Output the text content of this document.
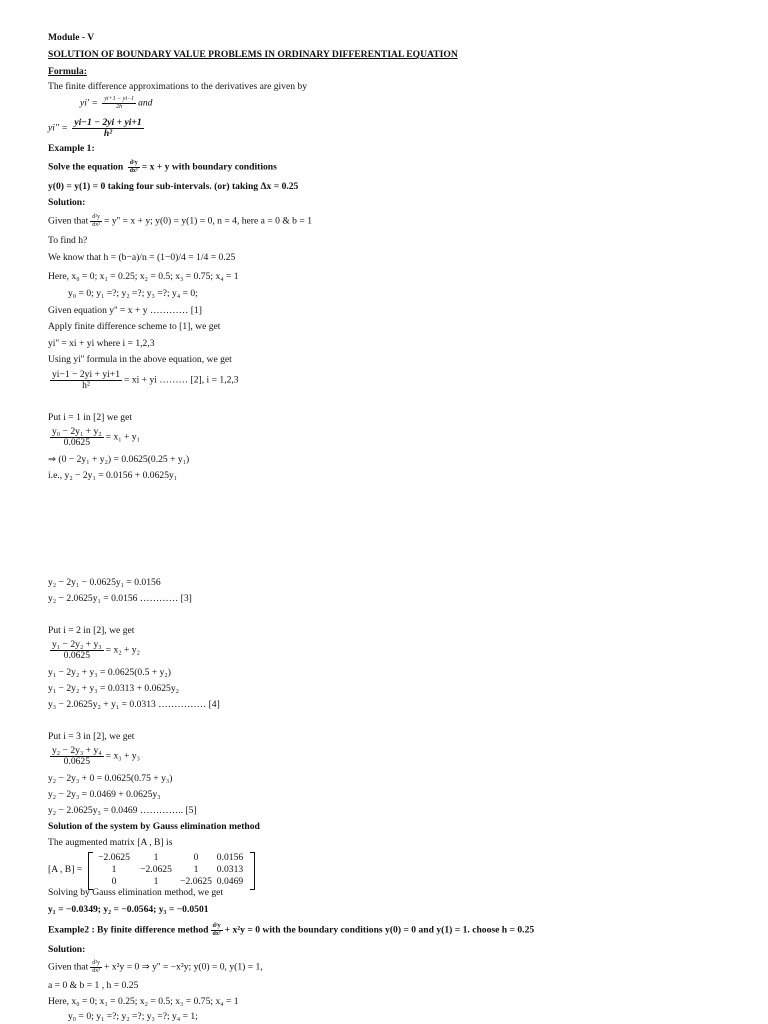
Module - V
SOLUTION OF BOUNDARY VALUE PROBLEMS IN ORDINARY DIFFERENTIAL EQUATION
Formula:
The finite difference approximations to the derivatives are given by
$yi' = \frac{yi+1 - yi-1}{2h}$ and
$yi'' = \frac{yi-1 - 2yi + yi+1}{\text{h²}}$
Example 1:
Solve the equation $\frac{\text{d²y}}{\text{dx²}} = x + y$ with boundary conditions
y(0) = y(1) = 0 taking four sub-intervals. (or) taking Δx = 0.25
Solution:
Given that $\frac{\text{d²y}}{\text{dx²}} = y'' = x + y$; y(0) = y(1) = 0, n = 4, here a = 0 & b = 1
To find h?
We know that h = (b−a)/n = (1−0)/4 = 1/4 = 0.25
Here, x₀ = 0; x₁ = 0.25; x₂ = 0.5; x₃ = 0.75; x₄ = 1
y₀ = 0; y₁ =?; y₂ =?; y₃ =?; y₄ = 0;
Given equation y'' = x + y ………… [1]
Apply finite difference scheme to [1], we get
yi'' = xi + yi where i = 1,2,3
Using yi'' formula in the above equation, we get
$\frac{yi-1 - 2yi + yi+1}{\text{h²}}$ = xi + yi ……… [2], i = 1,2,3
Put i = 1 in [2] we get
$\frac{\text{y₀ − 2y₁ + y₂}}{0.0625} = x_1 + y_1$
⇒ (0 − 2y₁ + y₂) = 0.0625(0.25 + y₁)
i.e., y₂ − 2y₁ = 0.0156 + 0.0625y₁
y₂ − 2y₁ − 0.0625y₁ = 0.0156
y₂ − 2.0625y₁ = 0.0156 ………… [3]
Put i = 2 in [2], we get
$\frac{\text{y₁ − 2y₂ + y₃}}{0.0625} = x_2 + y_2$
y₁ − 2y₂ + y₃ = 0.0625(0.5 + y₂)
y₁ − 2y₂ + y₃ = 0.0313 + 0.0625y₂
y₃ − 2.0625y₂ + y₁ = 0.0313 …………… [4]
Put i = 3 in [2], we get
$\frac{\text{y₂ − 2y₃ + y₄}}{0.0625} = x_3 + y_3$
y₂ − 2y₃ + 0 = 0.0625(0.75 + y₃)
y₂ − 2y₃ = 0.0469 + 0.0625y₃
y₂ − 2.0625y₃ = 0.0469 ………….. [5]
Solution of the system by Gauss elimination method
The augmented matrix [A , B] is
[A , B] =
−2.0625	1	0	0.0156
1	−2.0625	1	0.0313
0	1	−2.0625 0.0469
Solving by Gauss elimination method, we get
y₁ = −0.0349; y₂ = −0.0564; y₃ = −0.0501
Example2 : By finite difference method $\frac{\text{d²y}}{\text{dx²}} + x^2y = 0$ with the boundary conditions y(0) = 0 and y(1) = 1. choose h = 0.25
Solution:
Given that $\frac{\text{d²y}}{\text{dx²}} + x^2y = 0$ ⇒ y'' = −x²y; y(0) = 0, y(1) = 1,
a = 0 & b = 1 , h = 0.25
Here, x₀ = 0; x₁ = 0.25; x₂ = 0.5; x₃ = 0.75; x₄ = 1
y₀ = 0; y₁ =?; y₂ =?; y₃ =?; y₄ = 1;
